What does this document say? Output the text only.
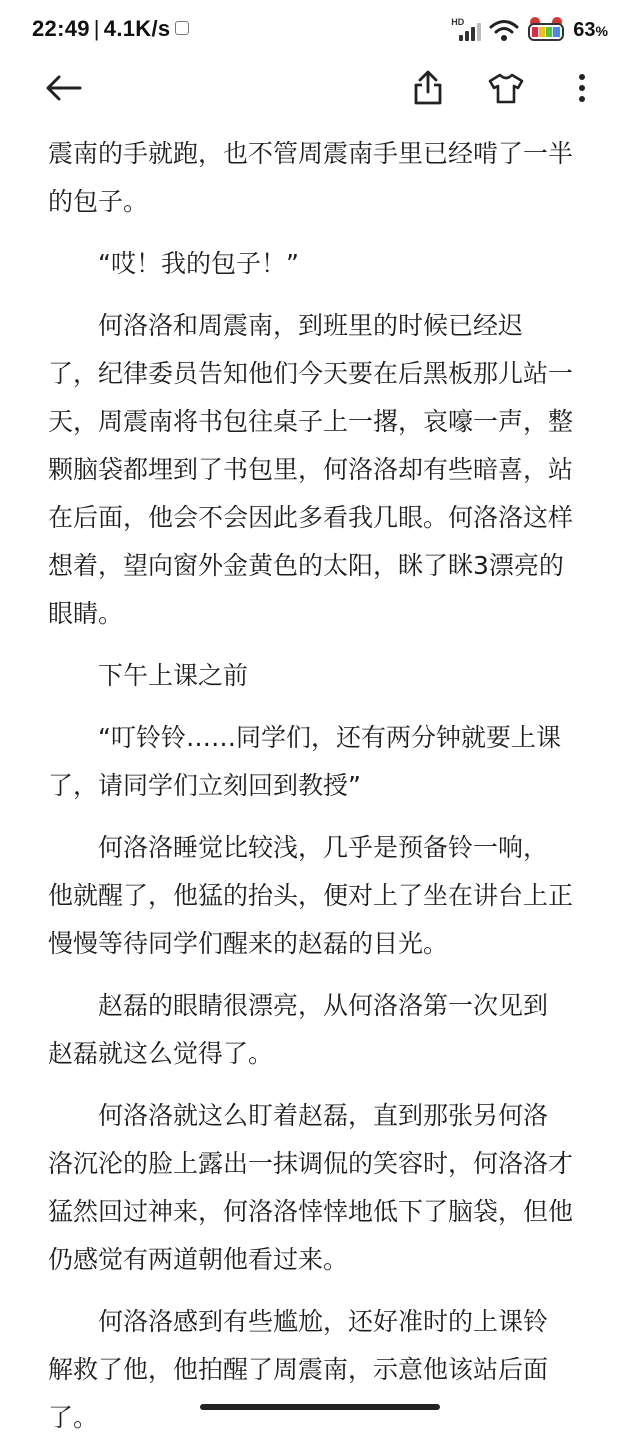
22:49 | 4.1K/s	HD	63%

震南的手就跑，也不管周震南手里已经啃了一半
的包子。

“哎！我的包子！”

何洛洛和周震南，到班里的时候已经迟
了，纪律委员告知他们今天要在后黑板那儿站一
天，周震南将书包往桌子上一撂，哀嚎一声，整
颗脑袋都埋到了书包里，何洛洛却有些暗喜，站
在后面，他会不会因此多看我几眼。何洛洛这样
想着，望向窗外金黄色的太阳，眯了眯3漂亮的
眼睛。

下午上课之前

“叮铃铃……同学们，还有两分钟就要上课
了，请同学们立刻回到教授”

何洛洛睡觉比较浅，几乎是预备铃一响，
他就醒了，他猛的抬头，便对上了坐在讲台上正
慢慢等待同学们醒来的赵磊的目光。

赵磊的眼睛很漂亮，从何洛洛第一次见到
赵磊就这么觉得了。

何洛洛就这么盯着赵磊，直到那张另何洛
洛沉沦的脸上露出一抹调侃的笑容时，何洛洛才
猛然回过神来，何洛洛悻悻地低下了脑袋，但他
仍感觉有两道朝他看过来。

何洛洛感到有些尴尬，还好准时的上课铃
解救了他，他拍醒了周震南，示意他该站后面
了。
